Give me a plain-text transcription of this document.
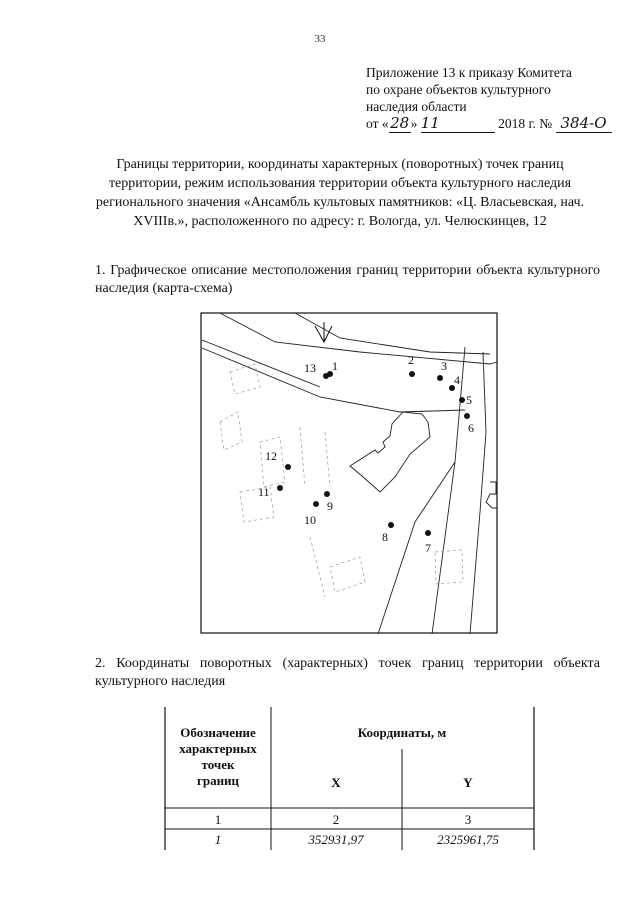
33
Приложение 13 к приказу Комитета
по охране объектов культурного
наследия области
от «28» 11	2018 г. № 384-О
Границы территории, координаты характерных (поворотных) точек границ территории, режим использования территории объекта культурного наследия регионального значения «Ансамбль культовых памятников: «Ц. Власьевская, нач. XVIIIв.», расположенного по адресу: г. Вологда, ул. Челюскинцев, 12
1. Графическое описание местоположения границ территории объекта культурного наследия (карта-схема)
1	2 3
4
5
6
7
8
9
10
11
12
13
2. Координаты поворотных (характерных) точек границ территории объекта культурного наследия
Обозначение
характерных
точек
границ
Координаты, м
X	Y
1	2	3
1	352931,97	2325961,75
